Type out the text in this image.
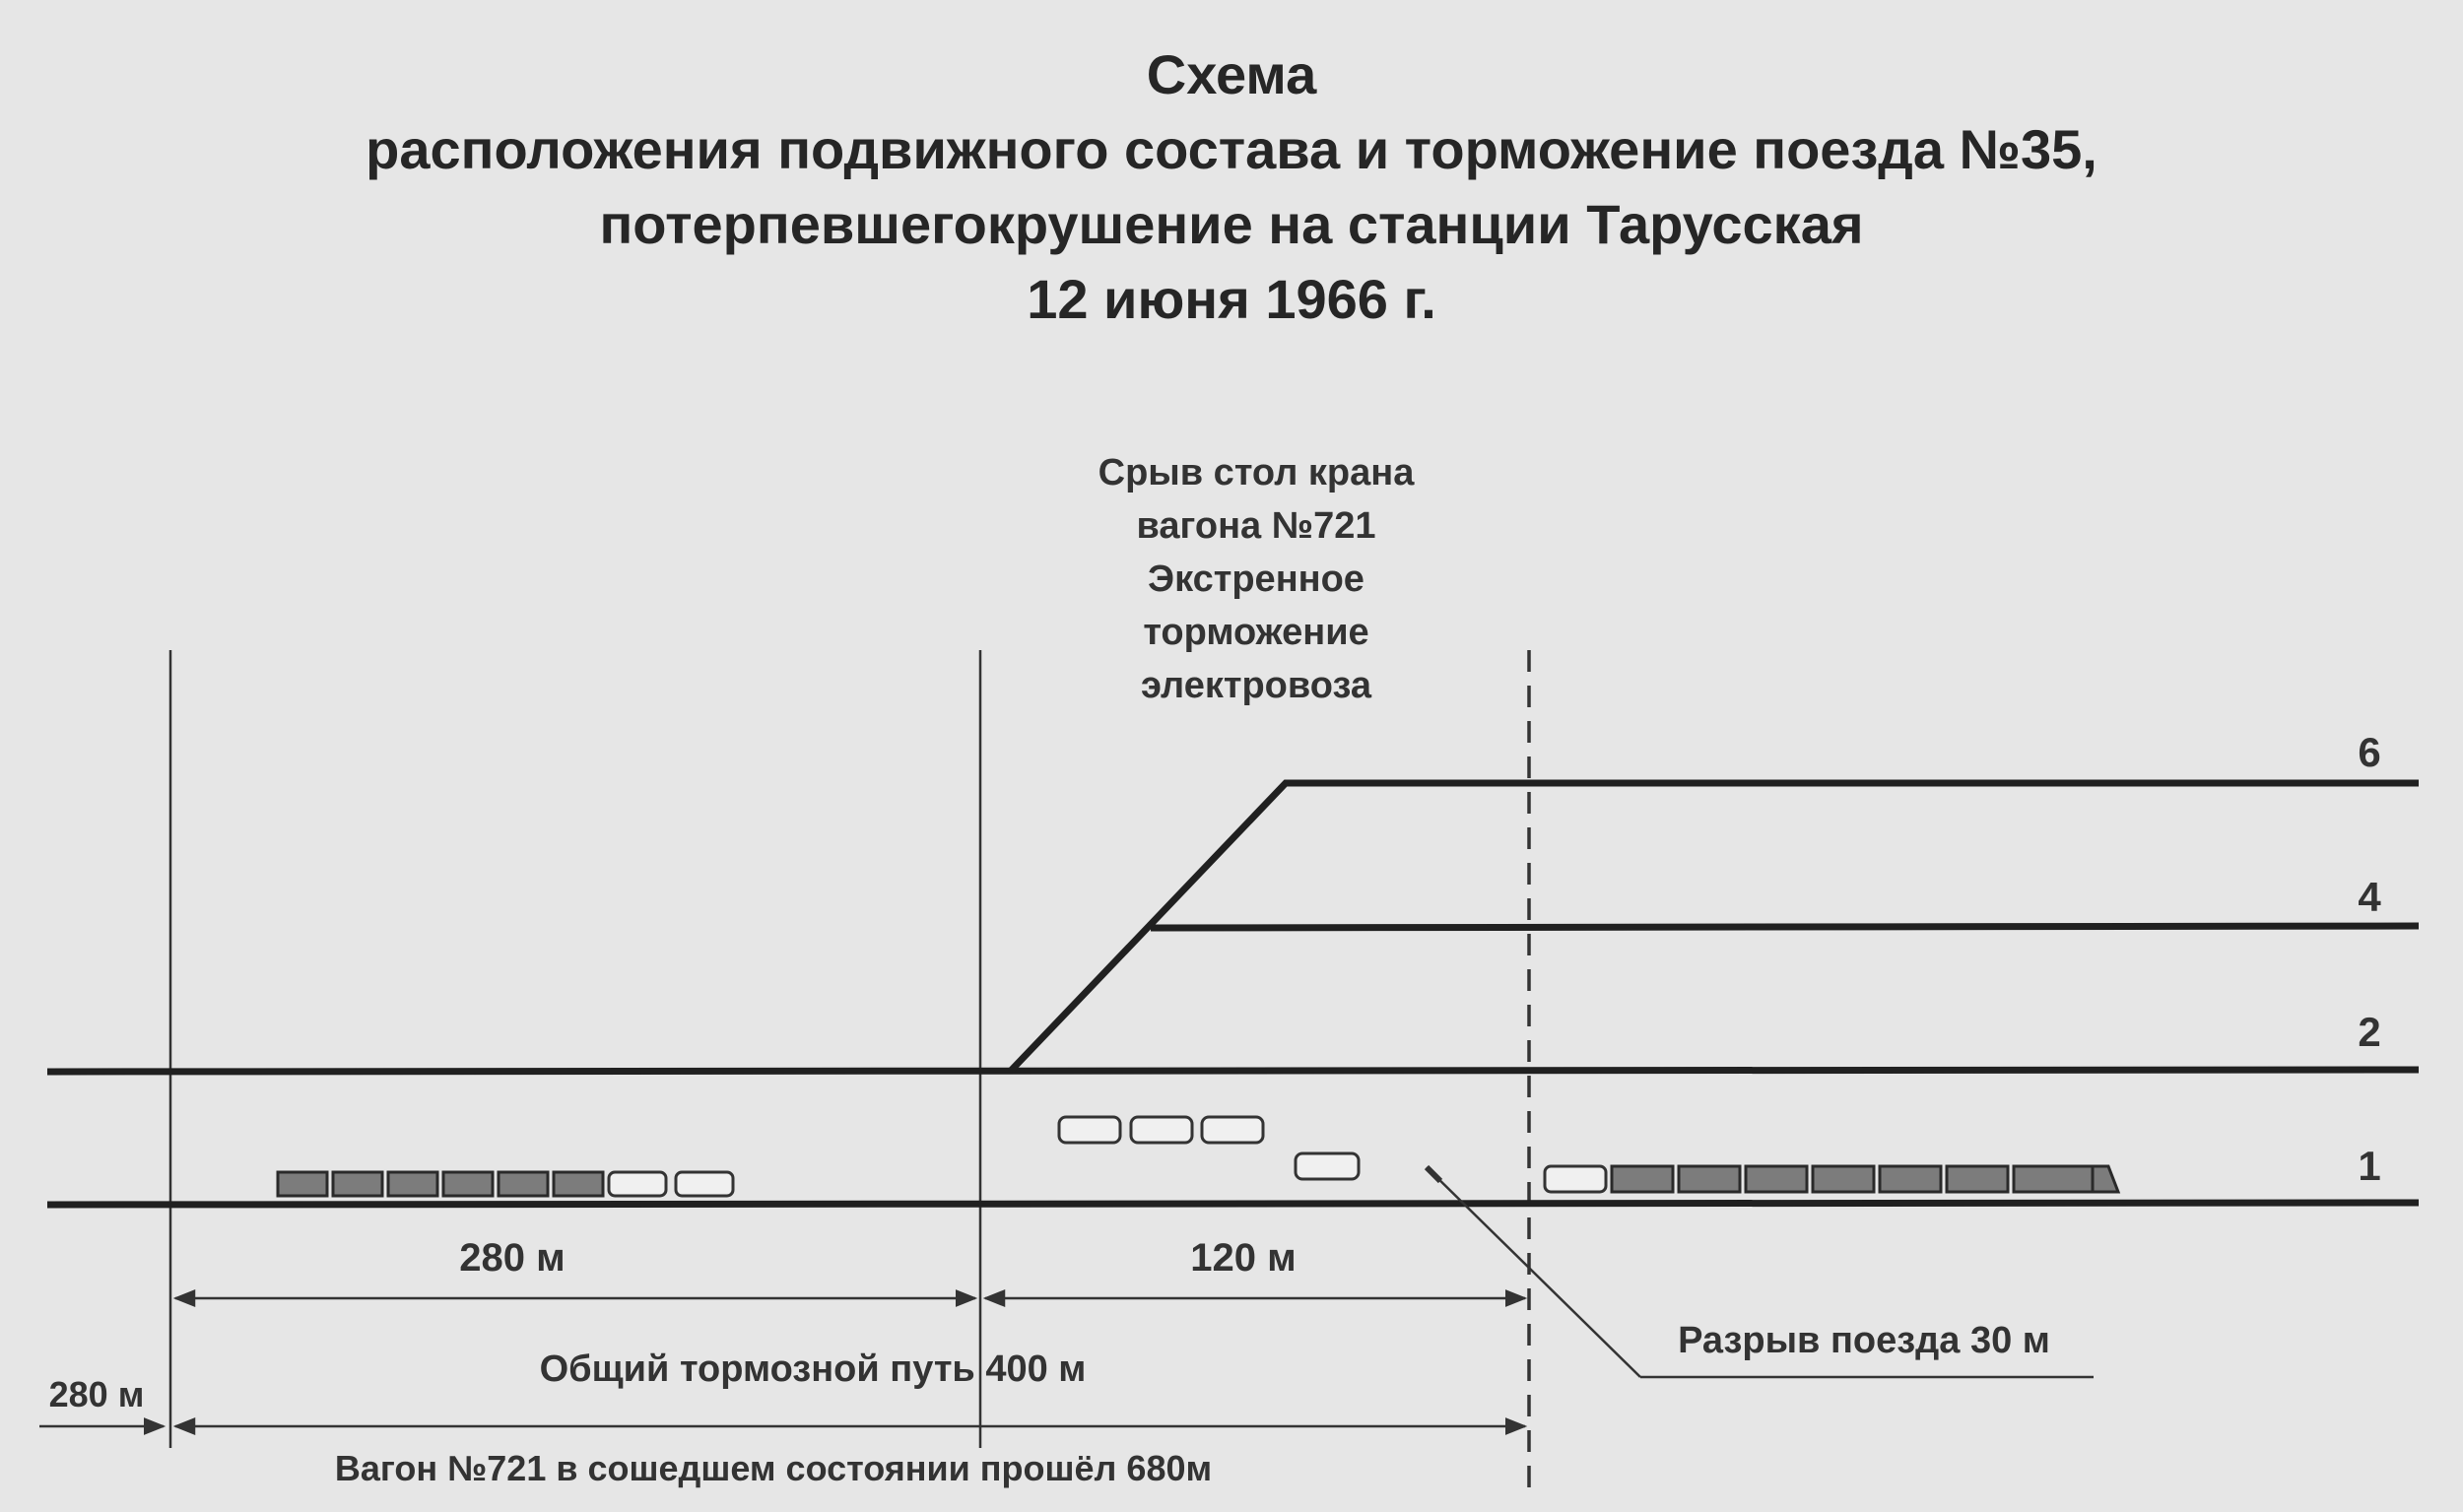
Схема
расположения подвижного состава и торможение поезда №35,
потерпевшегокрушение на станции Тарусская
12 июня 1966 г.
Срыв стол крана
вагона №721
Экстренное
торможение
электровоза
6
4
2
1
280 м	120 м
Общий тормозной путь 400 м
Вагон №721 в сошедшем состоянии прошёл 680м
280 м
Разрыв поезда 30 м
